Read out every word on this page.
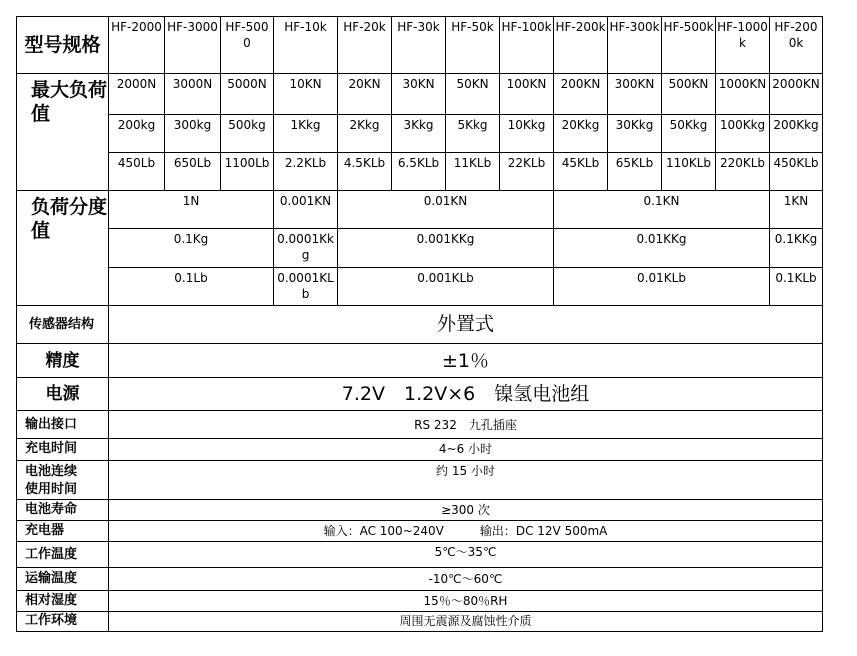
型号规格	HF-2000	HF-3000	HF-5000	HF-10k	HF-20k	HF-30k	HF-50k	HF-100k	HF-200k	HF-300k	HF-500k	HF-1000k	HF-2000k
最大负荷值	2000N	3000N	5000N	10KN	20KN	30KN	50KN	100KN	200KN	300KN	500KN	1000KN	2000KN
	200kg	300kg	500kg	1Kkg	2Kkg	3Kkg	5Kkg	10Kkg	20Kkg	30Kkg	50Kkg	100Kkg	200Kkg
	450Lb	650Lb	1100Lb	2.2KLb	4.5KLb	6.5KLb	11KLb	22KLb	45KLb	65KLb	110KLb	220KLb	450KLb
负荷分度值	1N			0.001KN	0.01KN				0.1KN				1KN
	0.1Kg			0.0001Kkg	0.001KKg				0.01KKg				0.1KKg
	0.1Lb			0.0001KLb	0.001KLb				0.01KLb				0.1KLb
传感器结构	外置式												
精度	±1％												
电源	7.2V　1.2V×6　镍氢电池组												
输出接口	RS 232　九孔插座												
充电时间	4~6 小时												
电池连续使用时间	约 15 小时												
电池寿命	≥300 次												
充电器	输入：AC 100~240V　　　输出：DC 12V 500mA												
工作温度	5℃～35℃												
运输温度	-10℃～60℃												
相对湿度	15％～80％RH												
工作环境	周围无震源及腐蚀性介质												
